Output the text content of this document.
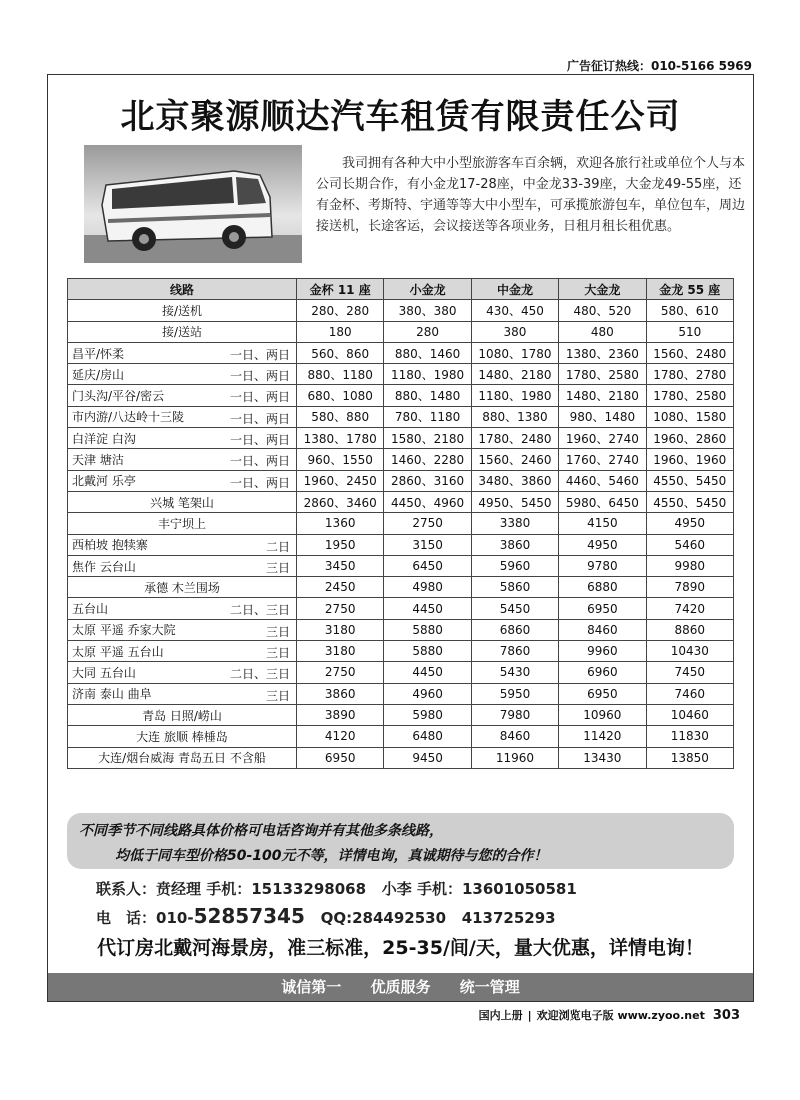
广告征订热线：010-5166 5969
北京聚源顺达汽车租赁有限责任公司
我司拥有各种大中小型旅游客车百余辆，欢迎各旅行社或单位个人与本公司长期合作，有小金龙17-28座，中金龙33-39座，大金龙49-55座，还有金杯、考斯特、宇通等等大中小型车，可承揽旅游包车，单位包车，周边接送机，长途客运，会议接送等各项业务，日租月租长租优惠。
线路	金杯 11 座	小金龙	中金龙	大金龙	金龙 55 座
接/送机	280、280	380、380	430、450	480、520	580、610
接/送站	180	280	380	480	510
昌平/怀柔 一日、两日	560、860	880、1460	1080、1780	1380、2360	1560、2480
延庆/房山 一日、两日	880、1180	1180、1980	1480、2180	1780、2580	1780、2780
门头沟/平谷/密云 一日、两日	680、1080	880、1480	1180、1980	1480、2180	1780、2580
市内游/八达岭十三陵 一日、两日	580、880	780、1180	880、1380	980、1480	1080、1580
白洋淀 白沟 一日、两日	1380、1780	1580、2180	1780、2480	1960、2740	1960、2860
天津 塘沽 一日、两日	960、1550	1460、2280	1560、2460	1760、2740	1960、1960
北戴河 乐亭 一日、两日	1960、2450	2860、3160	3480、3860	4460、5460	4550、5450
兴城 笔架山	2860、3460	4450、4960	4950、5450	5980、6450	4550、5450
丰宁坝上	1360	2750	3380	4150	4950
西柏坡 抱犊寨 二日	1950	3150	3860	4950	5460
焦作 云台山 三日	3450	6450	5960	9780	9980
承德 木兰围场	2450	4980	5860	6880	7890
五台山 二日、三日	2750	4450	5450	6950	7420
太原 平遥 乔家大院 三日	3180	5880	6860	8460	8860
太原 平遥 五台山 三日	3180	5880	7860	9960	10430
大同 五台山 二日、三日	2750	4450	5430	6960	7450
济南 泰山 曲阜 三日	3860	4960	5950	6950	7460
青岛 日照/崂山	3890	5980	7980	10960	10460
大连 旅顺 棒棰岛	4120	6480	8460	11420	11830
大连/烟台威海 青岛五日 不含船	6950	9450	11960	13430	13850
不同季节不同线路具体价格可电话咨询并有其他多条线路，
均低于同车型价格50-100元不等，详情电询，真诚期待与您的合作！
联系人：贲经理 手机：15133298068 小李 手机：13601050581
电　话：010-52857345 QQ:284492530 413725293
代订房北戴河海景房，准三标准，25-35/间/天，量大优惠，详情电询！
诚信第一 优质服务 统一管理
国内上册 | 欢迎浏览电子版 www.zyoo.net 303
